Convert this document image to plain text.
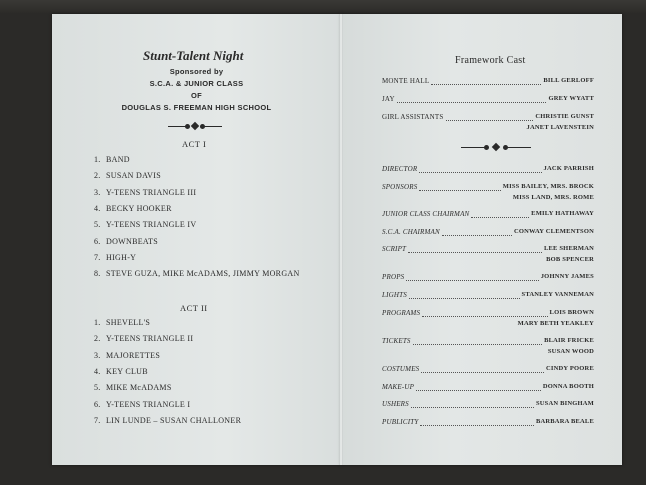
Stunt-Talent Night
Sponsored by
S.C.A. & JUNIOR CLASS
OF
DOUGLAS S. FREEMAN HIGH SCHOOL
ACT I
1. BAND
2. SUSAN DAVIS
3. Y-TEENS TRIANGLE III
4. BECKY HOOKER
5. Y-TEENS TRIANGLE IV
6. DOWNBEATS
7. HIGH-Y
8. STEVE GUZA, MIKE McADAMS, JIMMY MORGAN
ACT II
1. SHEVELL'S
2. Y-TEENS TRIANGLE II
3. MAJORETTES
4. KEY CLUB
5. MIKE McADAMS
6. Y-TEENS TRIANGLE I
7. LIN LUNDE – SUSAN CHALLONER
Framework Cast
MONTE HALL	BILL GERLOFF
JAY	GREY WYATT
GIRL ASSISTANTS	CHRISTIE GUNST
JANET LAVENSTEIN
DIRECTOR	JACK PARRISH
SPONSORS	MISS BAILEY, MRS. BROCK
MISS LAND, MRS. ROME
JUNIOR CLASS CHAIRMAN	EMILY HATHAWAY
S.C.A. CHAIRMAN	CONWAY CLEMENTSON
SCRIPT	LEE SHERMAN
BOB SPENCER
PROPS	JOHNNY JAMES
LIGHTS	STANLEY VANNEMAN
PROGRAMS	LOIS BROWN
MARY BETH YEAKLEY
TICKETS	BLAIR FRICKE
SUSAN WOOD
COSTUMES	CINDY POORE
MAKE-UP	DONNA BOOTH
USHERS	SUSAN BINGHAM
PUBLICITY	BARBARA BEALE
